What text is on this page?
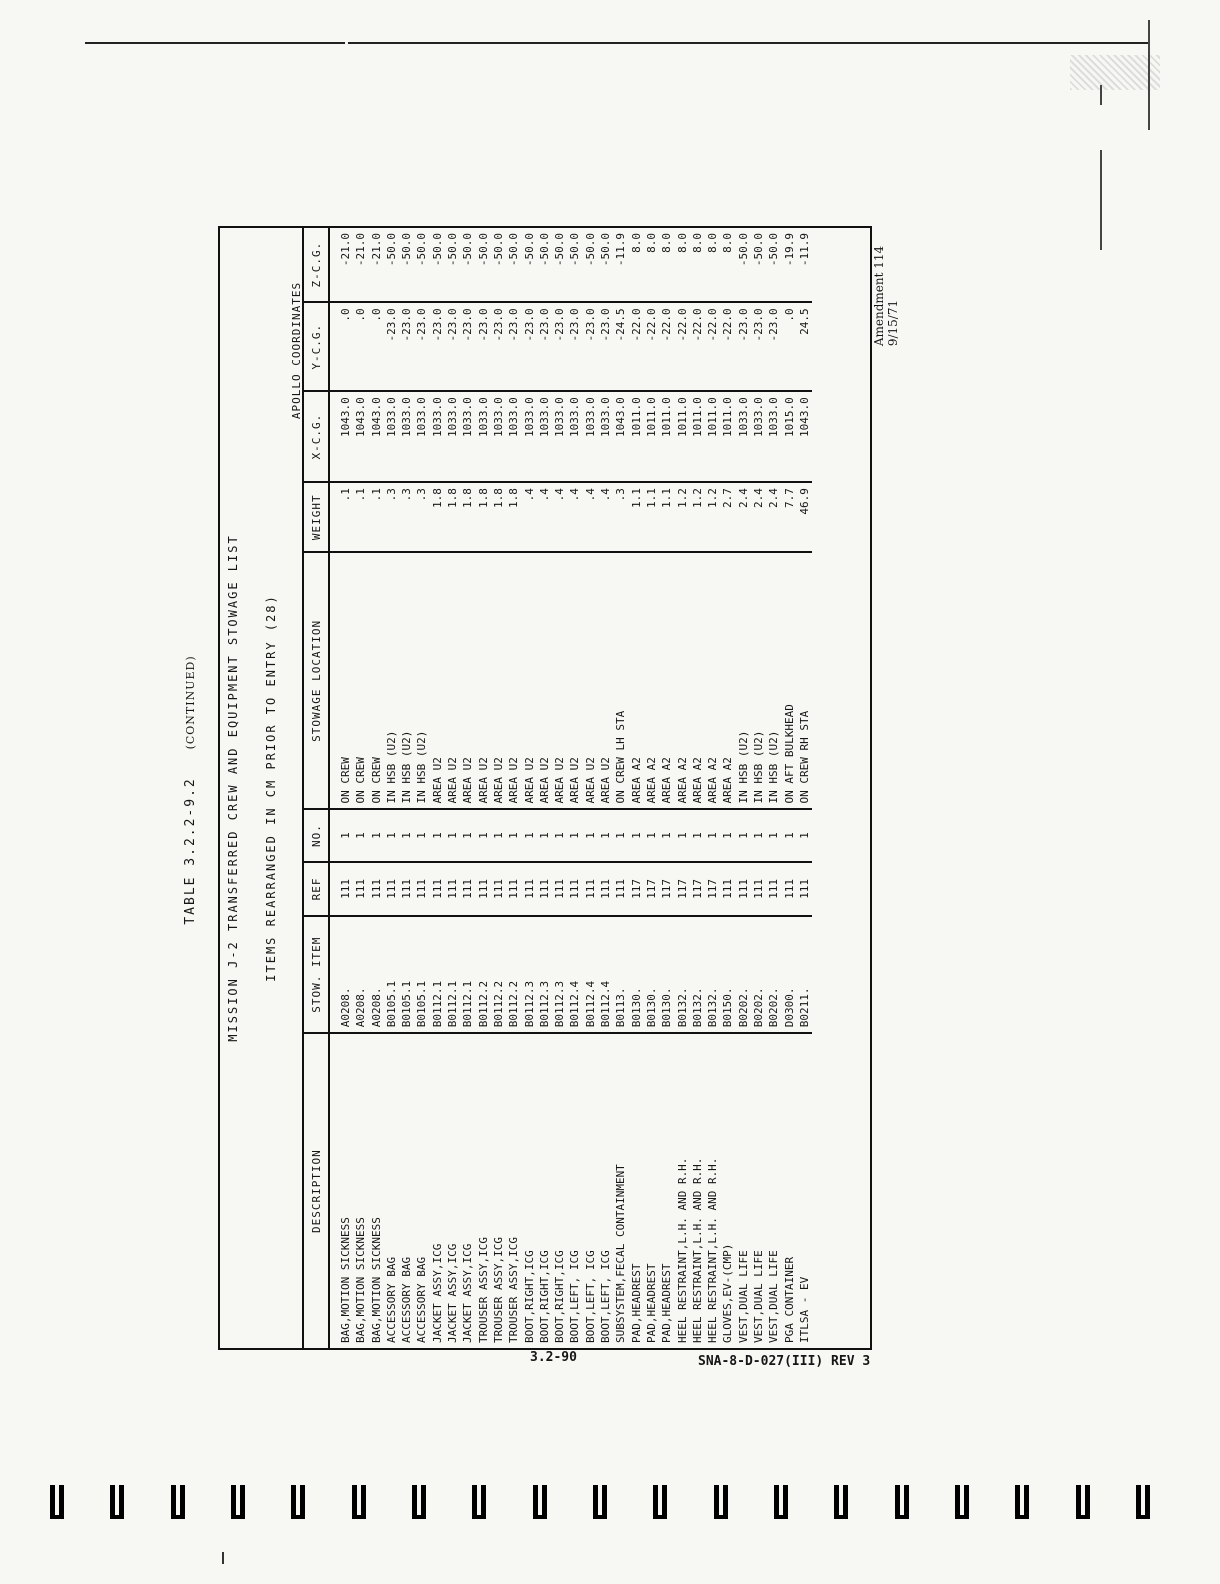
Amendment 114 9/15/71
TABLE 3.2.2-9.2 (CONTINUED) MISSION J-2 TRANSFERRED CREW AND EQUIPMENT STOWAGE LIST ITEMS REARRANGED IN CM PRIOR TO ENTRY (28)
APOLLO COORDINATES
DESCRIPTION	STOW. ITEM	REF	NO.	STOWAGE LOCATION	WEIGHT	X-C.G.	Y-C.G.	Z-C.G.
BAG,MOTION SICKNESS	A0208.	111	1	ON CREW	.1	1043.0	.0	-21.0
BAG,MOTION SICKNESS	A0208.	111	1	ON CREW	.1	1043.0	.0	-21.0
BAG,MOTION SICKNESS	A0208.	111	1	ON CREW	.1	1043.0	.0	-21.0
ACCESSORY BAG	B0105.1	111	1	IN HSB (U2)	.3	1033.0	-23.0	-50.0
ACCESSORY BAG	B0105.1	111	1	IN HSB (U2)	.3	1033.0	-23.0	-50.0
ACCESSORY BAG	B0105.1	111	1	IN HSB (U2)	.3	1033.0	-23.0	-50.0
JACKET ASSY,ICG	B0112.1	111	1	AREA U2	1.8	1033.0	-23.0	-50.0
JACKET ASSY,ICG	B0112.1	111	1	AREA U2	1.8	1033.0	-23.0	-50.0
JACKET ASSY,ICG	B0112.1	111	1	AREA U2	1.8	1033.0	-23.0	-50.0
TROUSER ASSY,ICG	B0112.2	111	1	AREA U2	1.8	1033.0	-23.0	-50.0
TROUSER ASSY,ICG	B0112.2	111	1	AREA U2	1.8	1033.0	-23.0	-50.0
TROUSER ASSY,ICG	B0112.2	111	1	AREA U2	1.8	1033.0	-23.0	-50.0
BOOT,RIGHT,ICG	B0112.3	111	1	AREA U2	.4	1033.0	-23.0	-50.0
BOOT,RIGHT,ICG	B0112.3	111	1	AREA U2	.4	1033.0	-23.0	-50.0
BOOT,RIGHT,ICG	B0112.3	111	1	AREA U2	.4	1033.0	-23.0	-50.0
BOOT,LEFT, ICG	B0112.4	111	1	AREA U2	.4	1033.0	-23.0	-50.0
BOOT,LEFT, ICG	B0112.4	111	1	AREA U2	.4	1033.0	-23.0	-50.0
BOOT,LEFT, ICG	B0112.4	111	1	AREA U2	.4	1033.0	-23.0	-50.0
SUBSYSTEM,FECAL CONTAINMENT	B0113.	111	1	ON CREW LH STA	.3	1043.0	-24.5	-11.9
PAD,HEADREST	B0130.	117	1	AREA A2	1.1	1011.0	-22.0	8.0
PAD,HEADREST	B0130.	117	1	AREA A2	1.1	1011.0	-22.0	8.0
PAD,HEADREST	B0130.	117	1	AREA A2	1.1	1011.0	-22.0	8.0
HEEL RESTRAINT,L.H. AND R.H.	B0132.	117	1	AREA A2	1.2	1011.0	-22.0	8.0
HEEL RESTRAINT,L.H. AND R.H.	B0132.	117	1	AREA A2	1.2	1011.0	-22.0	8.0
HEEL RESTRAINT,L.H. AND R.H.	B0132.	117	1	AREA A2	1.2	1011.0	-22.0	8.0
GLOVES,EV-(CMP)	B0150.	111	1	AREA A2	2.7	1011.0	-22.0	8.0
VEST,DUAL LIFE	B0202.	111	1	IN HSB (U2)	2.4	1033.0	-23.0	-50.0
VEST,DUAL LIFE	B0202.	111	1	IN HSB (U2)	2.4	1033.0	-23.0	-50.0
VEST,DUAL LIFE	B0202.	111	1	IN HSB (U2)	2.4	1033.0	-23.0	-50.0
PGA CONTAINER	D0300.	111	1	ON AFT BULKHEAD	7.7	1015.0	.0	-19.9
ITLSA - EV	B0211.	111	1	ON CREW RH STA	46.9	1043.0	24.5	-11.9
3.2-90	SNA-8-D-027(III) REV 3
